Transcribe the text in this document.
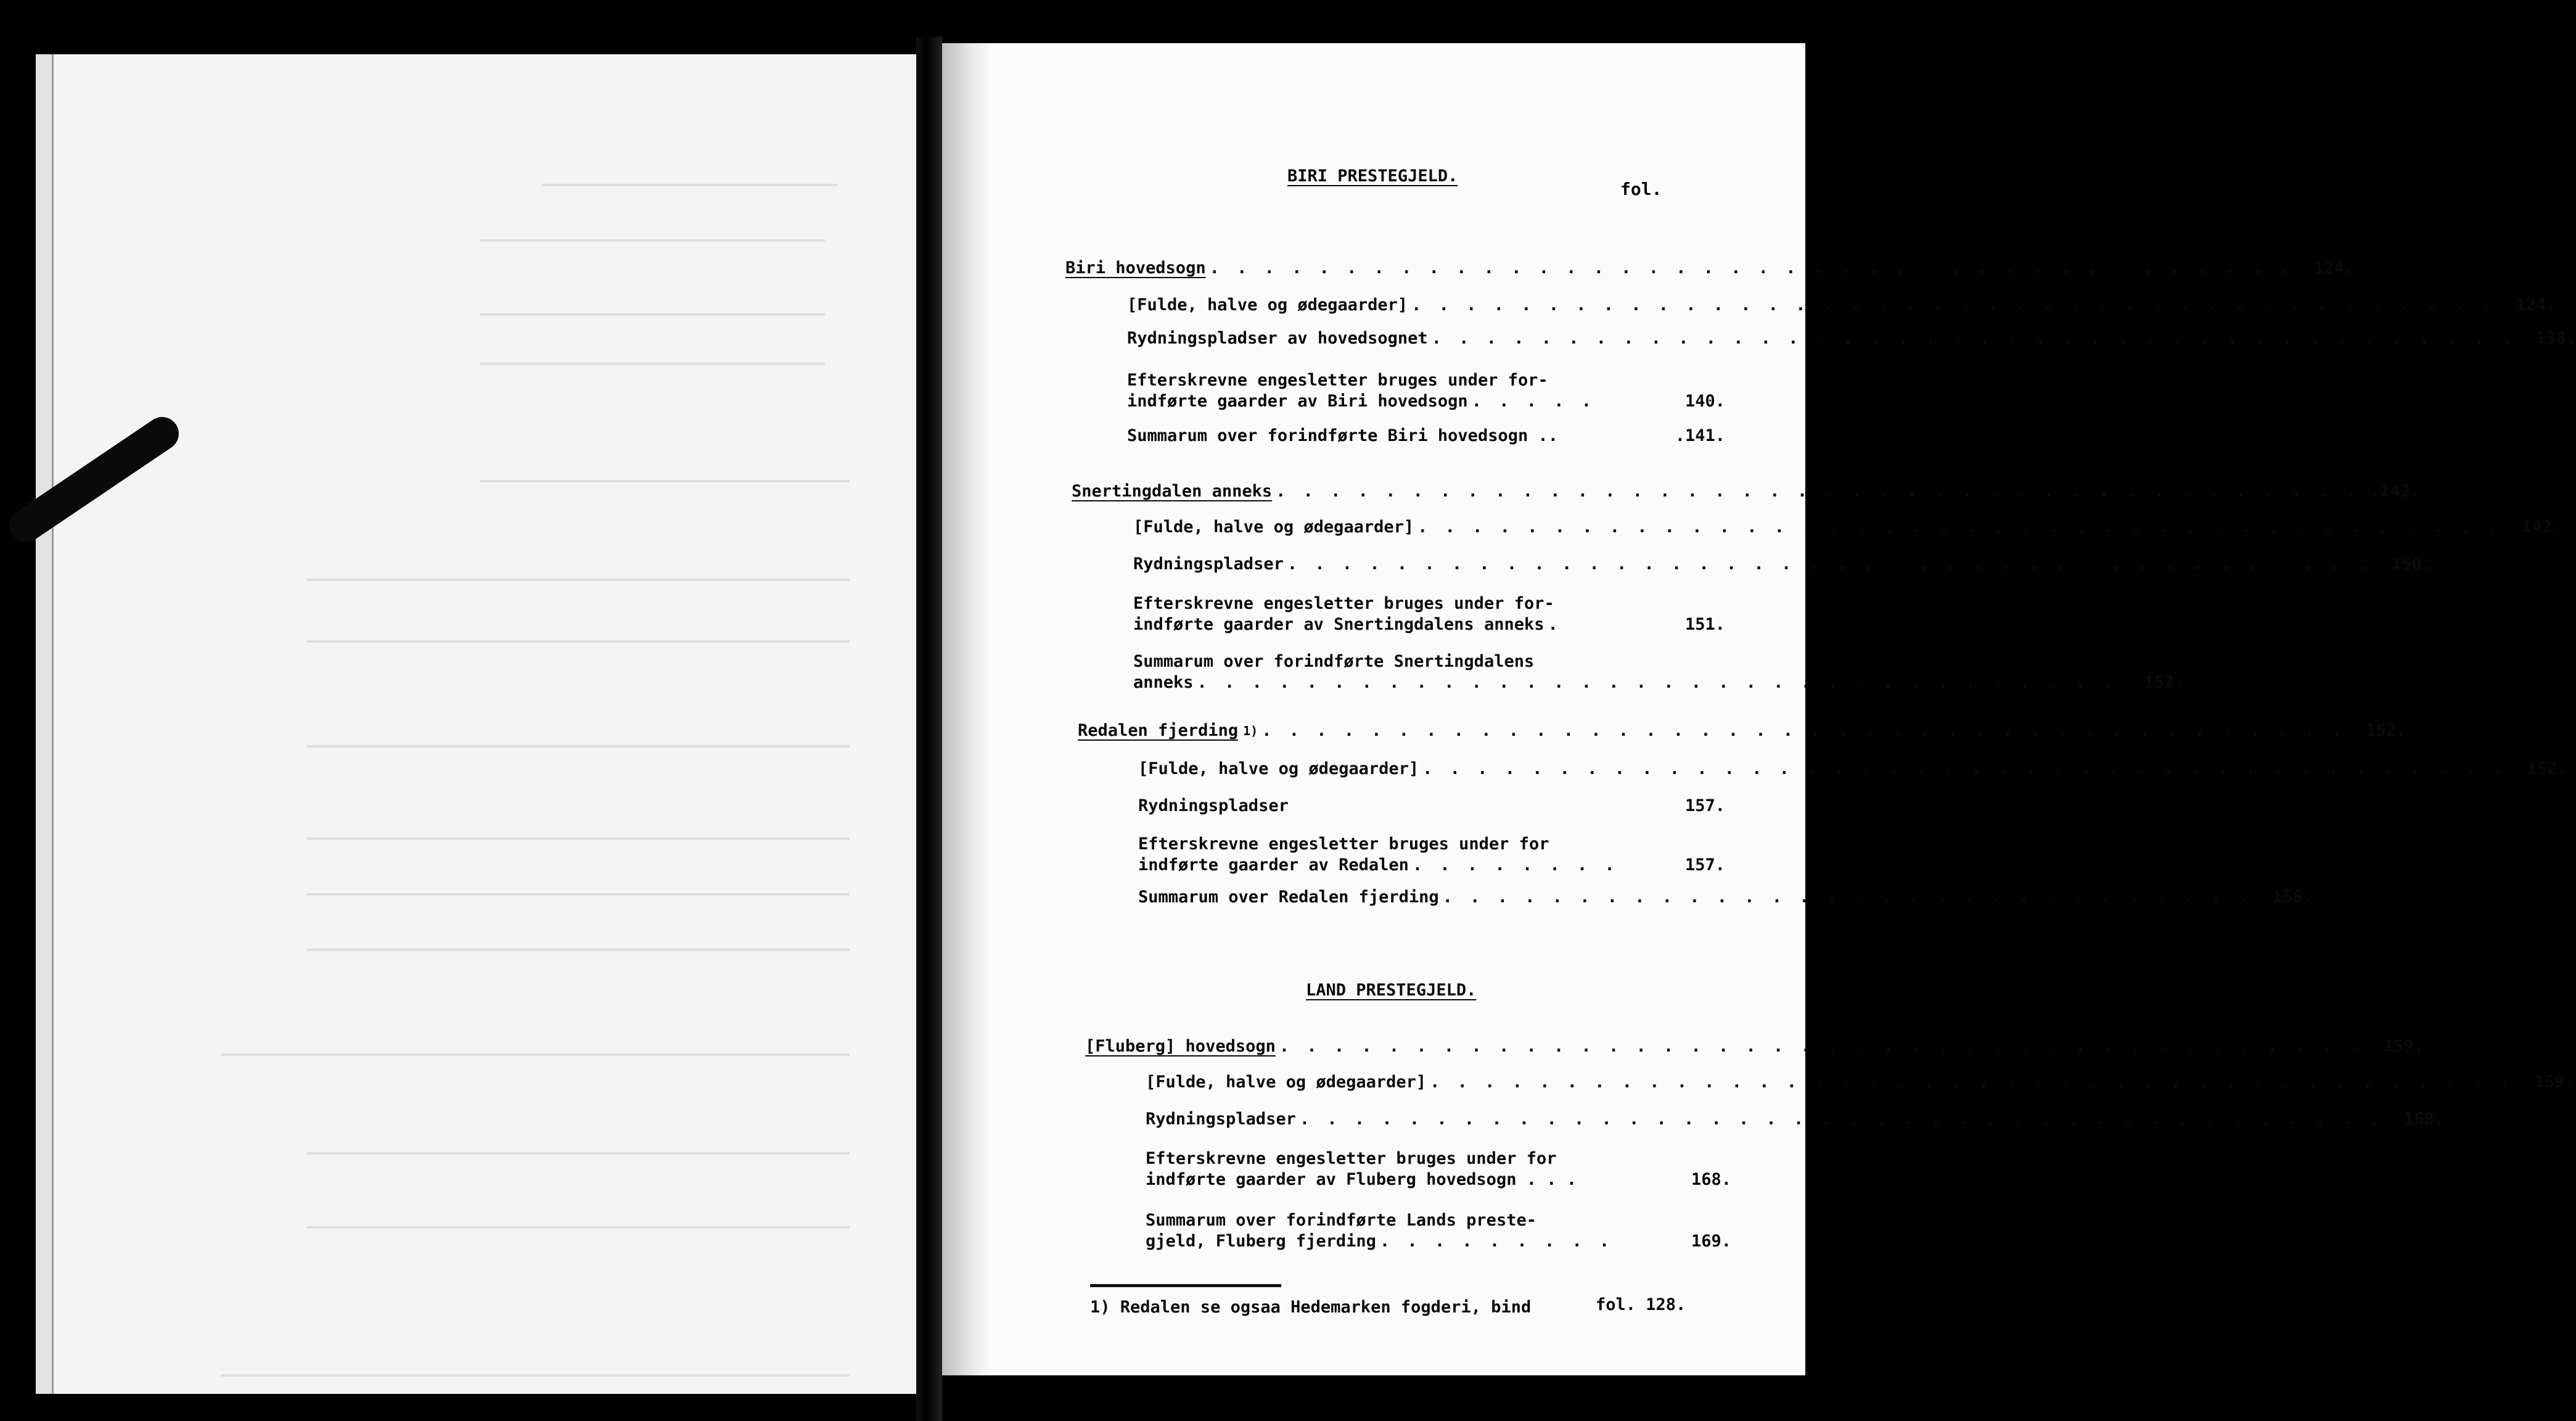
BIRI PRESTEGJELD.
fol.
Biri hovedsogn . . . . . . . . . . . . . . . . . . . . . . . . . . . . . . . . . . . . . . . .	124.
[Fulde, halve og ødegaarder] . . . . . . . . . . . . . . . . . . . . . . . . . . . . . . . . . . . . . . . .	124.
Rydningspladser av hovedsognet . . . . . . . . . . . . . . . . . . . . . . . . . . . . . . . . . . . . . . . .	138.
Efterskrevne engesletter bruges under for-
indførte gaarder av Biri hovedsogn . . . . .	140.
Summarum over forindførte Biri hovedsogn ..	.141.
Snertingdalen anneks . . . . . . . . . . . . . . . . . . . . . . . . . . . . . . . . . . . . . . . . .142.
[Fulde, halve og ødegaarder] . . . . . . . . . . . . . . . . . . . . . . . . . . . . . . . . . . . . . . . .	142.
Rydningspladser . . . . . . . . . . . . . . . . . . . . . . . . . . . . . . . . . . . . . . . .	150.
Efterskrevne engesletter bruges under for-
indførte gaarder av Snertingdalens anneks .	151.
Summarum over forindførte Snertingdalens
anneks . . . . . . . . . . . . . . . . . . . . . . . . . . . . . . . . . .	152.
Redalen fjerding 1) . . . . . . . . . . . . . . . . . . . . . . . . . . . . . . . . . . . . . . . .	152.
[Fulde, halve og ødegaarder] . . . . . . . . . . . . . . . . . . . . . . . . . . . . . . . . . . . . . . . .	152.
Rydningspladser	157.
Efterskrevne engesletter bruges under for
indførte gaarder av Redalen . . . . . . . .	157.
Summarum over Redalen fjerding . . . . . . . . . . . . . . . . . . . . . . . . . . . . . .	158.
LAND PRESTEGJELD.
[Fluberg] hovedsogn . . . . . . . . . . . . . . . . . . . . . . . . . . . . . . . . . . . . . . . .	159.
[Fulde, halve og ødegaarder] . . . . . . . . . . . . . . . . . . . . . . . . . . . . . . . . . . . . . . . .	159.
Rydningspladser . . . . . . . . . . . . . . . . . . . . . . . . . . . . . . . . . . . . . . . .	168.
Efterskrevne engesletter bruges under for
indførte gaarder av Fluberg hovedsogn . . .	168.
Summarum over forindførte Lands preste-
gjeld, Fluberg fjerding . . . . . . . . .	169.
1) Redalen se ogsaa Hedemarken fogderi, bind	fol. 128.
